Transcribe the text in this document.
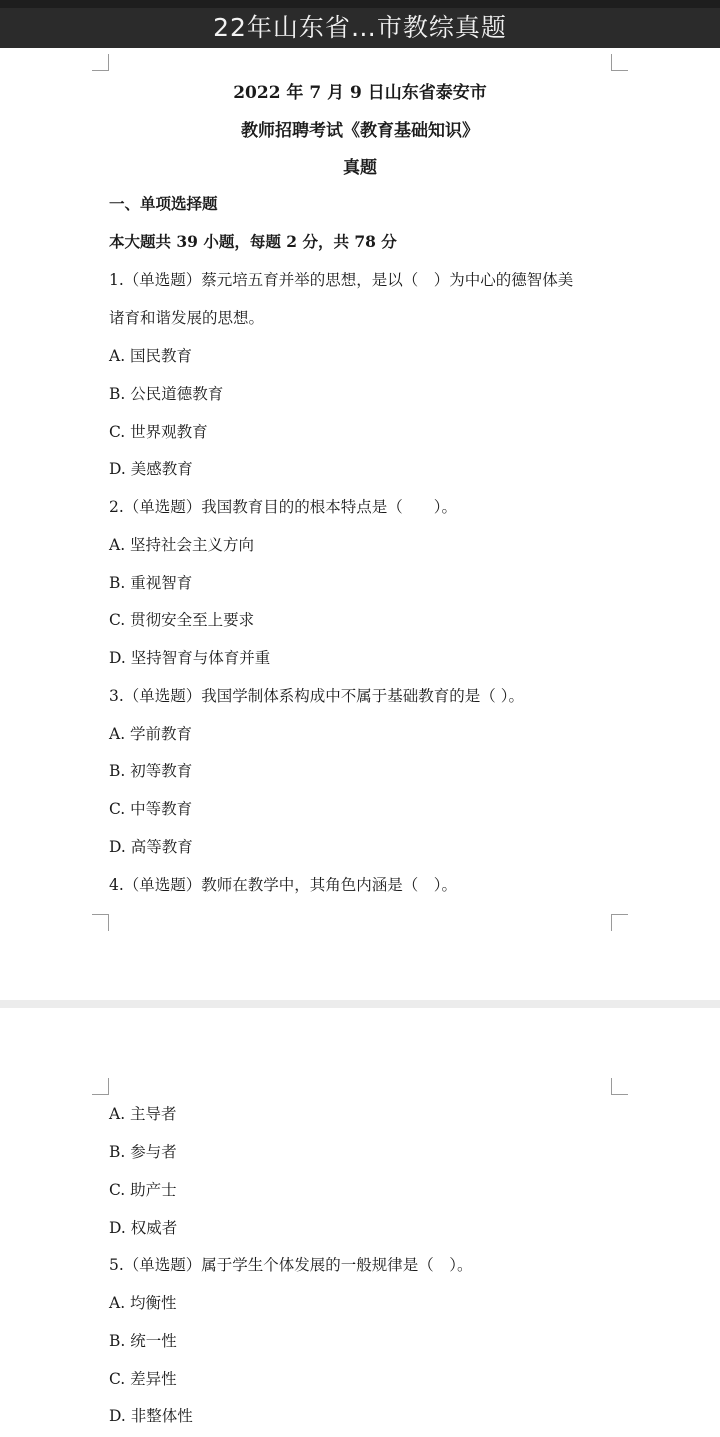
22年山东省…市教综真题
2022 年 7 月 9 日山东省泰安市
教师招聘考试《教育基础知识》
真题
一、单项选择题
本大题共 39 小题，每题 2 分，共 78 分
1.（单选题）蔡元培五育并举的思想，是以（　）为中心的德智体美
诸育和谐发展的思想。
A. 国民教育
B. 公民道德教育
C. 世界观教育
D. 美感教育
2.（单选题）我国教育目的的根本特点是（　　）。
A. 坚持社会主义方向
B. 重视智育
C. 贯彻安全至上要求
D. 坚持智育与体育并重
3.（单选题）我国学制体系构成中不属于基础教育的是（ ）。
A. 学前教育
B. 初等教育
C. 中等教育
D. 高等教育
4.（单选题）教师在教学中，其角色内涵是（　）。
A. 主导者
B. 参与者
C. 助产士
D. 权威者
5.（单选题）属于学生个体发展的一般规律是（　）。
A. 均衡性
B. 统一性
C. 差异性
D. 非整体性
